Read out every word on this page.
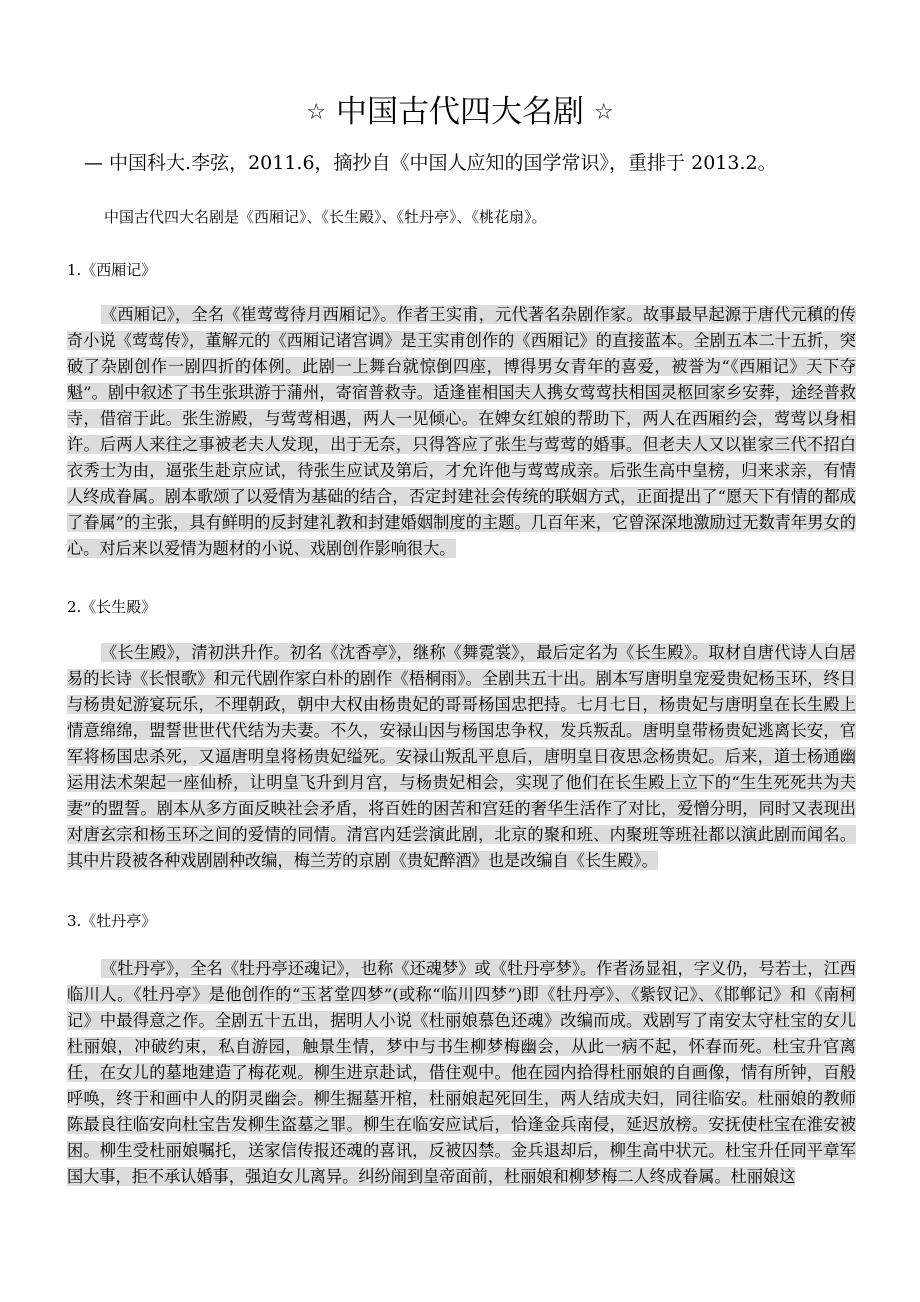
☆ 中国古代四大名剧 ☆
— 中国科大.李弦，2011.6，摘抄自《中国人应知的国学常识》，重排于 2013.2。
中国古代四大名剧是《西厢记》、《长生殿》、《牡丹亭》、《桃花扇》。
1.《西厢记》

《西厢记》，全名《崔莺莺待月西厢记》。作者王实甫，元代著名杂剧作家。故事最早起源于唐代元稹的传奇小说《莺莺传》，董解元的《西厢记诸宫调》是王实甫创作的《西厢记》的直接蓝本。全剧五本二十五折，突破了杂剧创作一剧四折的体例。此剧一上舞台就惊倒四座，博得男女青年的喜爱，被誉为“《西厢记》天下夺魁”。剧中叙述了书生张珙游于蒲州，寄宿普救寺。适逢崔相国夫人携女莺莺扶相国灵柩回家乡安葬，途经普救寺，借宿于此。张生游殿，与莺莺相遇，两人一见倾心。在婢女红娘的帮助下，两人在西厢约会，莺莺以身相许。后两人来往之事被老夫人发现，出于无奈，只得答应了张生与莺莺的婚事。但老夫人又以崔家三代不招白衣秀士为由，逼张生赴京应试，待张生应试及第后，才允许他与莺莺成亲。后张生高中皇榜，归来求亲，有情人终成眷属。剧本歌颂了以爱情为基础的结合，否定封建社会传统的联姻方式，正面提出了“愿天下有情的都成了眷属”的主张，具有鲜明的反封建礼教和封建婚姻制度的主题。几百年来，它曾深深地激励过无数青年男女的心。对后来以爱情为题材的小说、戏剧创作影响很大。

2.《长生殿》

《长生殿》，清初洪升作。初名《沈香亭》，继称《舞霓裳》，最后定名为《长生殿》。取材自唐代诗人白居易的长诗《长恨歌》和元代剧作家白朴的剧作《梧桐雨》。全剧共五十出。剧本写唐明皇宠爱贵妃杨玉环，终日与杨贵妃游宴玩乐，不理朝政，朝中大权由杨贵妃的哥哥杨国忠把持。七月七日，杨贵妃与唐明皇在长生殿上情意绵绵，盟誓世世代代结为夫妻。不久，安禄山因与杨国忠争权，发兵叛乱。唐明皇带杨贵妃逃离长安，官军将杨国忠杀死，又逼唐明皇将杨贵妃缢死。安禄山叛乱平息后，唐明皇日夜思念杨贵妃。后来，道士杨通幽运用法术架起一座仙桥，让明皇飞升到月宫，与杨贵妃相会，实现了他们在长生殿上立下的“生生死死共为夫妻”的盟誓。剧本从多方面反映社会矛盾，将百姓的困苦和宫廷的奢华生活作了对比，爱憎分明，同时又表现出对唐玄宗和杨玉环之间的爱情的同情。清宫内廷尝演此剧，北京的聚和班、内聚班等班社都以演此剧而闻名。其中片段被各种戏剧剧种改编，梅兰芳的京剧《贵妃醉酒》也是改编自《长生殿》。

3.《牡丹亭》

《牡丹亭》，全名《牡丹亭还魂记》，也称《还魂梦》或《牡丹亭梦》。作者汤显祖，字义仍，号若士，江西临川人。《牡丹亭》是他创作的“玉茗堂四梦”(或称“临川四梦”)即《牡丹亭》、《紫钗记》、《邯郸记》和《南柯记》中最得意之作。全剧五十五出，据明人小说《杜丽娘慕色还魂》改编而成。戏剧写了南安太守杜宝的女儿杜丽娘，冲破约束，私自游园，触景生情，梦中与书生柳梦梅幽会，从此一病不起，怀春而死。杜宝升官离任，在女儿的墓地建造了梅花观。柳生进京赴试，借住观中。他在园内拾得杜丽娘的自画像，情有所钟，百般呼唤，终于和画中人的阴灵幽会。柳生掘墓开棺，杜丽娘起死回生，两人结成夫妇，同往临安。杜丽娘的教师陈最良往临安向杜宝告发柳生盗墓之罪。柳生在临安应试后，恰逢金兵南侵，延迟放榜。安抚使杜宝在淮安被困。柳生受杜丽娘嘱托，送家信传报还魂的喜讯，反被囚禁。金兵退却后，柳生高中状元。杜宝升任同平章军国大事，拒不承认婚事，强迫女儿离异。纠纷闹到皇帝面前，杜丽娘和柳梦梅二人终成眷属。杜丽娘这
